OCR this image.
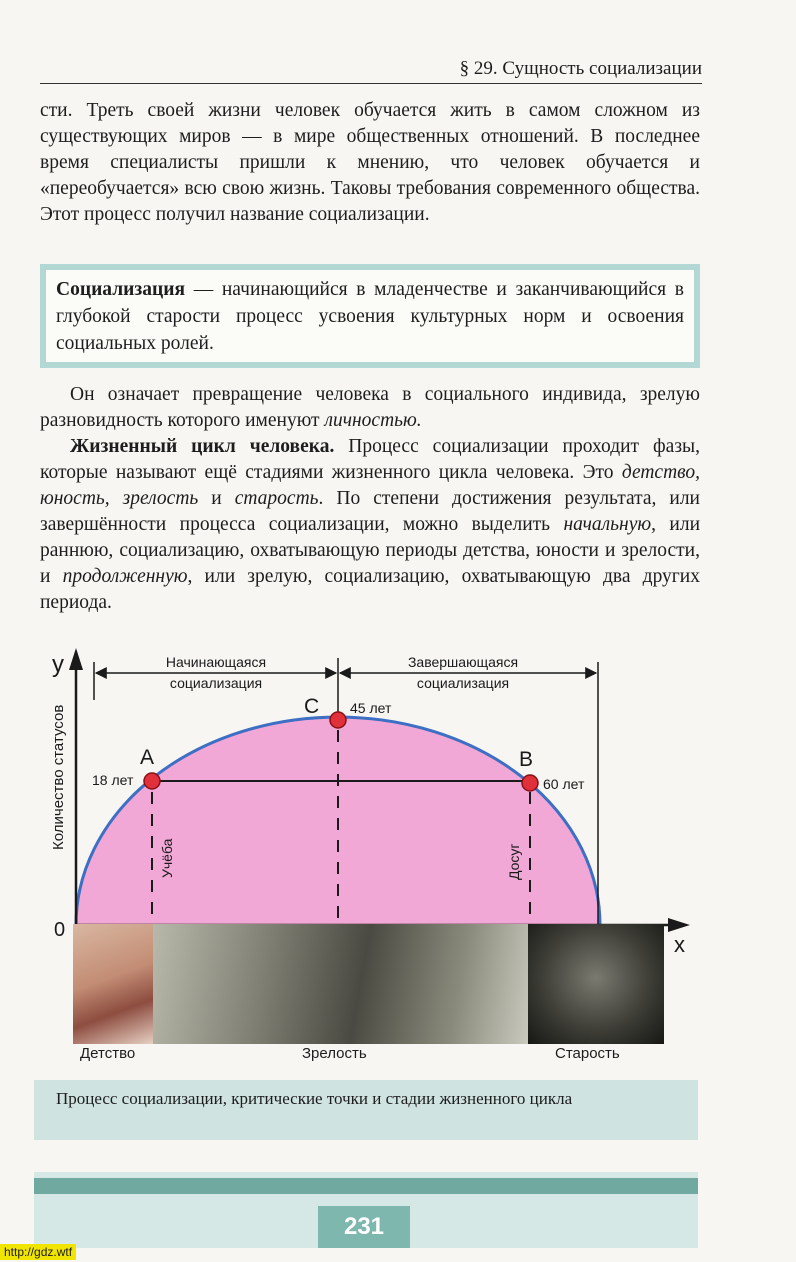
§ 29. Сущность социализации
сти. Треть своей жизни человек обучается жить в самом сложном из существующих миров — в мире общественных отношений. В последнее время специалисты пришли к мнению, что человек обучается и «переобучается» всю свою жизнь. Таковы требования современного общества. Этот процесс получил название социализации.
Социализация — начинающийся в младенчестве и заканчивающийся в глубокой старости процесс усвоения культурных норм и освоения социальных ролей.
Он означает превращение человека в социального индивида, зрелую разновидность которого именуют личностью.
Жизненный цикл человека. Процесс социализации проходит фазы, которые называют ещё стадиями жизненного цикла человека. Это детство, юность, зрелость и старость. По степени достижения результата, или завершённости процесса социализации, можно выделить начальную, или раннюю, социализацию, охватывающую периоды детства, юности и зрелости, и продолженную, или зрелую, социализацию, охватывающую два других периода.
y
x
0
Количество статусов
Начинающаяся
социализация
Завершающаяся
социализация
A
18 лет
C 45 лет
B
60 лет
Учёба	Досуг
Детство	Зрелость	Старость
Процесс социализации, критические точки и стадии жизненного цикла
231
http://gdz.wtf
